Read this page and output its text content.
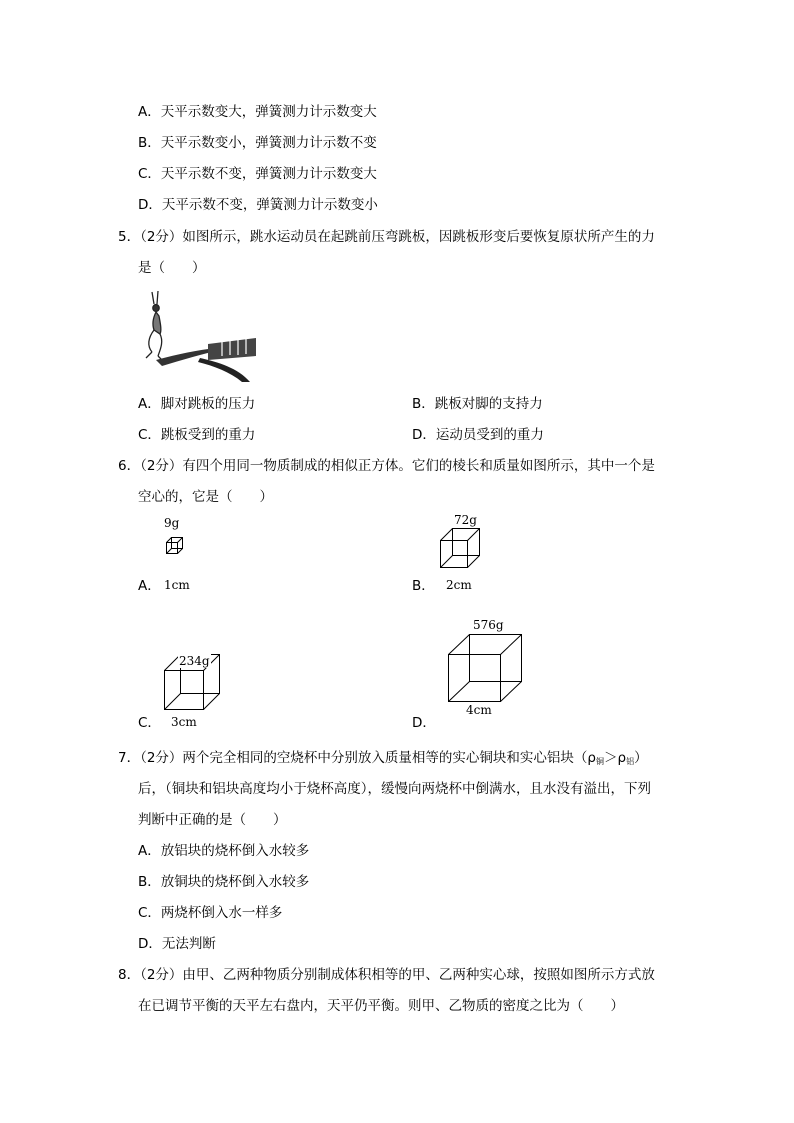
A．天平示数变大，弹簧测力计示数变大
B．天平示数变小，弹簧测力计示数不变
C．天平示数不变，弹簧测力计示数变大
D．天平示数不变，弹簧测力计示数变小
5．（2分）如图所示，跳水运动员在起跳前压弯跳板，因跳板形变后要恢复原状所产生的力
是（　　）
A．脚对跳板的压力	B．跳板对脚的支持力
C．跳板受到的重力	D．运动员受到的重力
6．（2分）有四个用同一物质制成的相似正方体。它们的棱长和质量如图所示，其中一个是
空心的，它是（　　）
9g
A． 1cm
72g
B． 2cm
234g
C． 3cm
576g
4cm
D．
7．（2分）两个完全相同的空烧杯中分别放入质量相等的实心铜块和实心铝块$(\rho_铜>\rho_铝)$
后，（铜块和铝块高度均小于烧杯高度），缓慢向两烧杯中倒满水，且水没有溢出，下列
判断中正确的是（　　）
A．放铝块的烧杯倒入水较多
B．放铜块的烧杯倒入水较多
C．两烧杯倒入水一样多
D．无法判断
8．（2分）由甲、乙两种物质分别制成体积相等的甲、乙两种实心球，按照如图所示方式放
在已调节平衡的天平左右盘内，天平仍平衡。则甲、乙物质的密度之比为（　　）
